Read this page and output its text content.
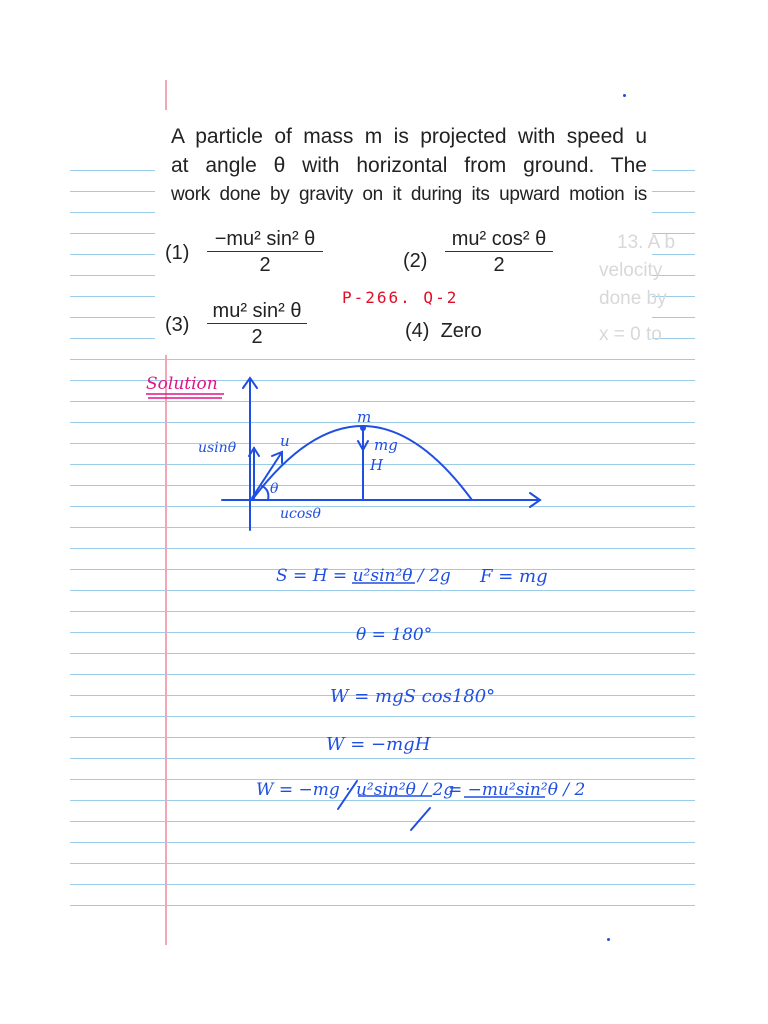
13. A b
velocity
done by
x = 0 to
A particle of mass m is projected with speed u
at angle θ with horizontal from ground. The
work done by gravity on it during its upward motion is
$(1) \frac{\text{−mu² sin² θ}}{2}$	$(2) \frac{\text{mu² cos² θ}}{2}$
$(3) \frac{\text{mu² sin² θ}}{2}$	(4) Zero
P-266. Q-2
Solution
usinθ	u
θ
ucosθ
m
mg
H
S = H = u²sin²θ / 2g F = mg
θ = 180°
W = mgS cos180°
W = −mgH
W = −mg · u²sin²θ / 2g
= −mu²sin²θ / 2
